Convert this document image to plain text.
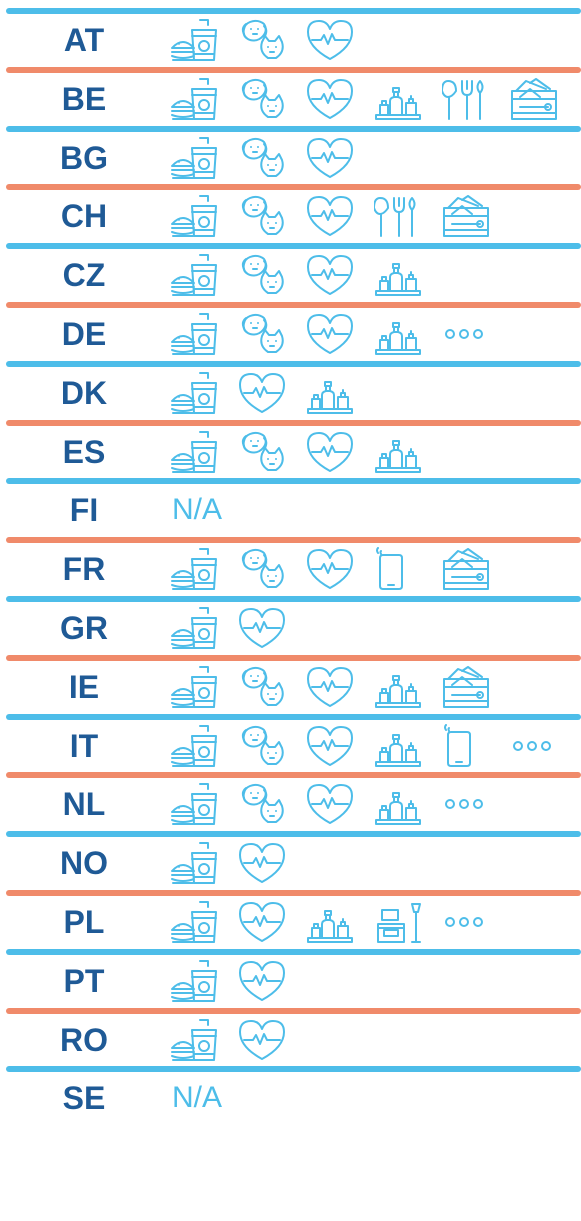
AT
BE
BG
CH
CZ
DE
DK
ES
FI	N/A
FR
GR
IE
IT
NL
NO
PL
PT
RO
SE	N/A
